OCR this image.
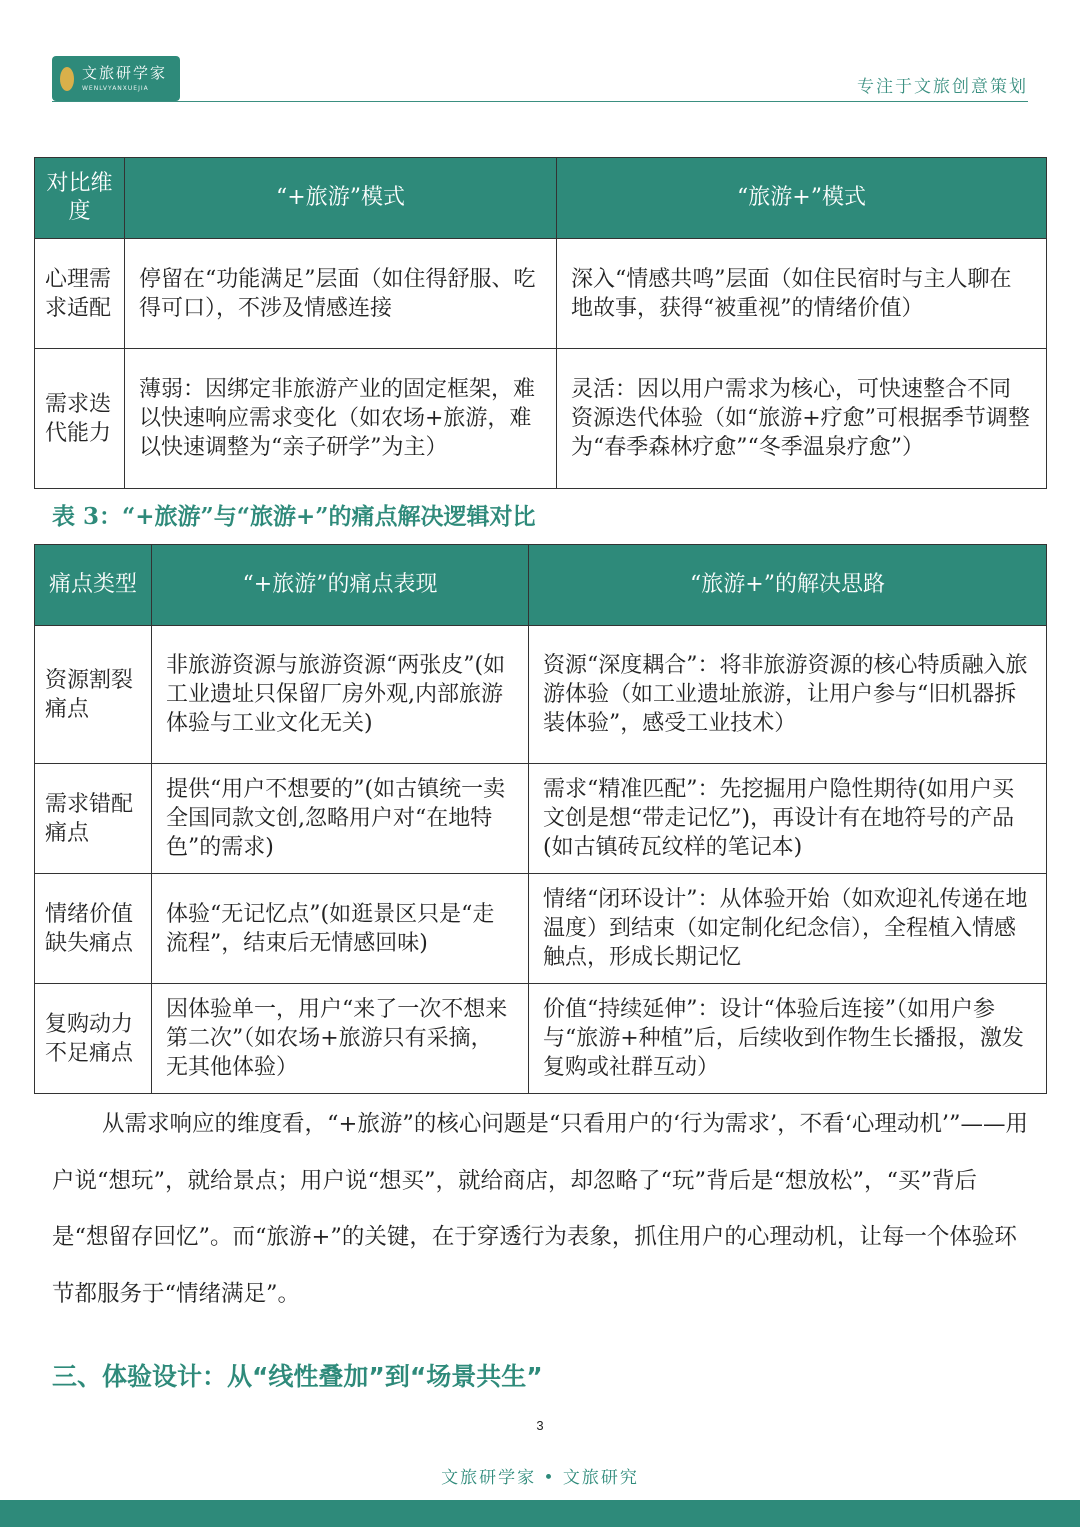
文旅研学家
WENLVYANXUEJIA	专注于文旅创意策划
对比维度	“+旅游”模式	“旅游+”模式
心理需求适配	停留在“功能满足”层面（如住得舒服、吃得可口），不涉及情感连接	深入“情感共鸣”层面（如住民宿时与主人聊在地故事，获得“被重视”的情绪价值）
需求迭代能力	薄弱：因绑定非旅游产业的固定框架，难以快速响应需求变化（如农场+旅游，难以快速调整为“亲子研学”为主）	灵活：因以用户需求为核心，可快速整合不同资源迭代体验（如“旅游+疗愈”可根据季节调整为“春季森林疗愈”“冬季温泉疗愈”）
表 3：“+旅游”与“旅游+”的痛点解决逻辑对比
痛点类型	“+旅游”的痛点表现	“旅游+”的解决思路
资源割裂痛点	非旅游资源与旅游资源“两张皮”(如工业遗址只保留厂房外观,内部旅游体验与工业文化无关)	资源“深度耦合”：将非旅游资源的核心特质融入旅游体验（如工业遗址旅游，让用户参与“旧机器拆装体验”，感受工业技术）
需求错配痛点	提供“用户不想要的”(如古镇统一卖全国同款文创,忽略用户对“在地特色”的需求)	需求“精准匹配”：先挖掘用户隐性期待(如用户买文创是想“带走记忆”)，再设计有在地符号的产品(如古镇砖瓦纹样的笔记本)
情绪价值缺失痛点	体验“无记忆点”(如逛景区只是“走流程”，结束后无情感回味)	情绪“闭环设计”：从体验开始（如欢迎礼传递在地温度）到结束（如定制化纪念信），全程植入情感触点，形成长期记忆
复购动力不足痛点	因体验单一，用户“来了一次不想来第二次”（如农场+旅游只有采摘，无其他体验）	价值“持续延伸”：设计“体验后连接”（如用户参与“旅游+种植”后，后续收到作物生长播报，激发复购或社群互动）

从需求响应的维度看，“+旅游”的核心问题是“只看用户的‘行为需求’，不看‘心理动机’”——用户说“想玩”，就给景点；用户说“想买”，就给商店，却忽略了“玩”背后是“想放松”，“买”背后是“想留存回忆”。而“旅游+”的关键，在于穿透行为表象，抓住用户的心理动机，让每一个体验环节都服务于“情绪满足”。

三、体验设计：从“线性叠加”到“场景共生”
3
文旅研学家 • 文旅研究
